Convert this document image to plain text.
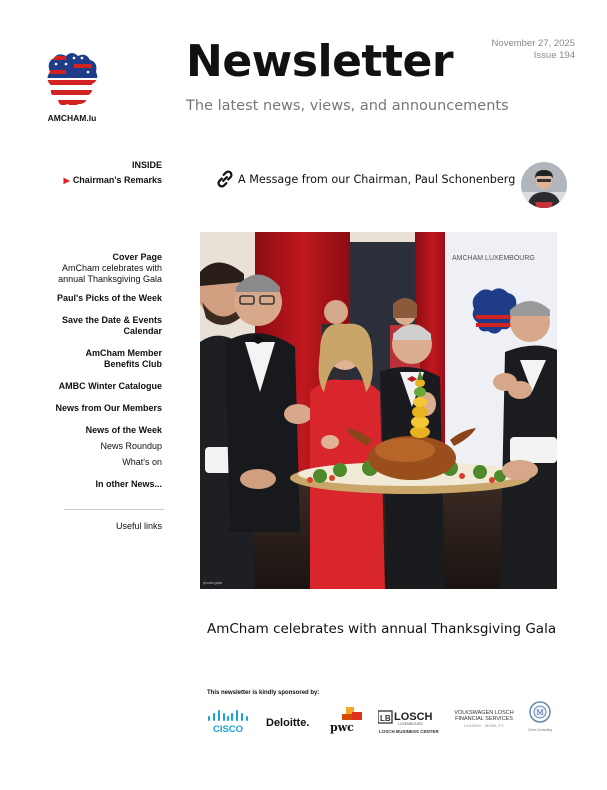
AMCHAM.lu
Newsletter
The latest news, views, and announcements
November 27, 2025
Issue 194
INSIDE
▶ Chairman's Remarks
Cover Page
AmCham celebrates with
annual Thanksgiving Gala
Paul's Picks of the Week
Save the Date & Events
Calendar
AmCham Member
Benefits Club
AMBC Winter Catalogue
News from Our Members
News of the Week
News Roundup
What's on
In other News...
Useful links
A Message from our Chairman, Paul Schonenberg
AMCHAM LUXEMBOURG
photo-gala
AmCham celebrates with annual Thanksgiving Gala
This newsletter is kindly sponsored by:
CISCO
Deloitte. pwc
LB LOSCH
LUXEMBOURG
LOSCH BUSINESS CENTER
VOLKSWAGEN LOSCH
FINANCIAL SERVICES
LEASING · MOBILITY
M
Circle Consulting
